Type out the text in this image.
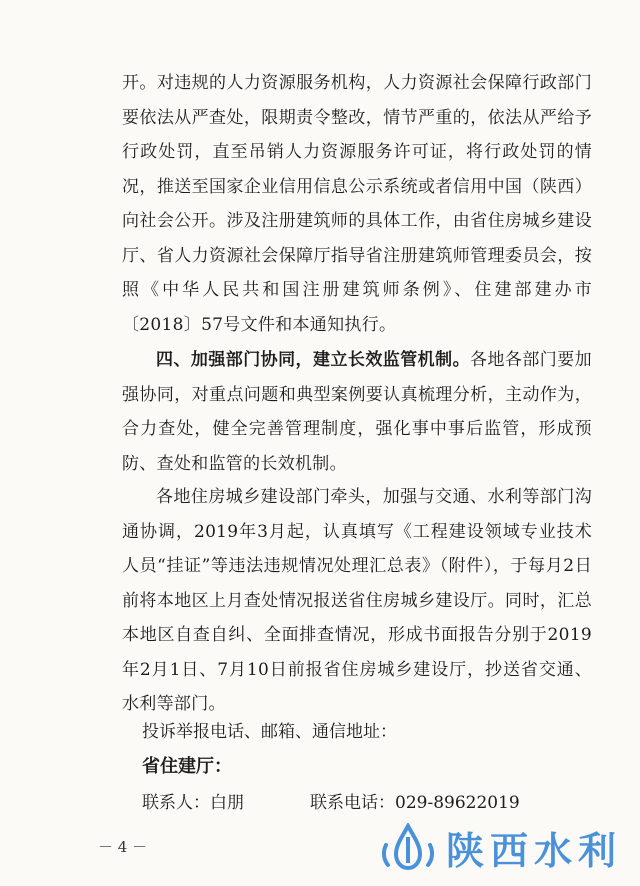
开。对违规的人力资源服务机构，人力资源社会保障行政部门要依法从严查处，限期责令整改，情节严重的，依法从严给予行政处罚，直至吊销人力资源服务许可证，将行政处罚的情况，推送至国家企业信用信息公示系统或者信用中国（陕西）向社会公开。涉及注册建筑师的具体工作，由省住房城乡建设厅、省人力资源社会保障厅指导省注册建筑师管理委员会，按照《中华人民共和国注册建筑师条例》、住建部建办市〔2018〕57号文件和本通知执行。
四、加强部门协同，建立长效监管机制。各地各部门要加强协同，对重点问题和典型案例要认真梳理分析，主动作为，合力查处，健全完善管理制度，强化事中事后监管，形成预防、查处和监管的长效机制。
各地住房城乡建设部门牵头，加强与交通、水利等部门沟通协调，2019年3月起，认真填写《工程建设领域专业技术人员“挂证”等违法违规情况处理汇总表》（附件），于每月2日前将本地区上月查处情况报送省住房城乡建设厅。同时，汇总本地区自查自纠、全面排查情况，形成书面报告分别于2019年2月1日、7月10日前报省住房城乡建设厅，抄送省交通、水利等部门。
投诉举报电话、邮箱、通信地址：
省住建厅：
联系人：白朋	联系电话：029-89622019
－ 4 －	陕西水利
